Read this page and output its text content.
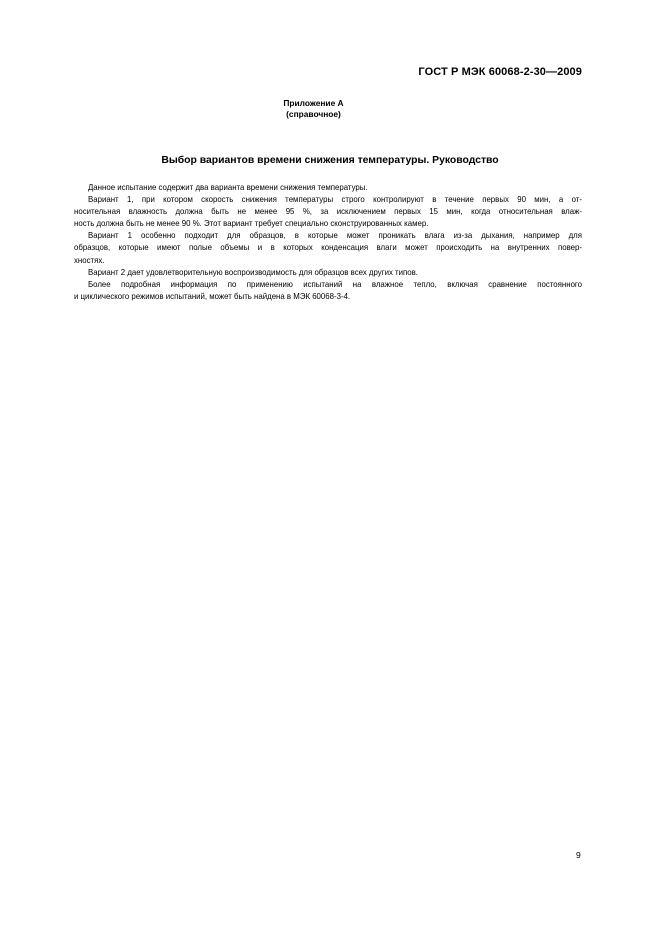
ГОСТ Р МЭК 60068-2-30—2009
Приложение А
(справочное)
Выбор вариантов времени снижения температуры. Руководство

Данное испытание содержит два варианта времени снижения температуры.

Вариант 1, при котором скорость снижения температуры строго контролируют в течение первых 90 мин, а от-
носительная влажность должна быть не менее 95 %, за исключением первых 15 мин, когда относительная влаж-
ность должна быть не менее 90 %. Этот вариант требует специально сконструированных камер.

Вариант 1 особенно подходит для образцов, в которые может проникать влага из-за дыхания, например для
образцов, которые имеют полые объемы и в которых конденсация влаги может происходить на внутренних повер-
хностях.

Вариант 2 дает удовлетворительную воспроизводимость для образцов всех других типов.

Более подробная информация по применению испытаний на влажное тепло, включая сравнение постоянного
и циклического режимов испытаний, может быть найдена в МЭК 60068-3-4.

9
